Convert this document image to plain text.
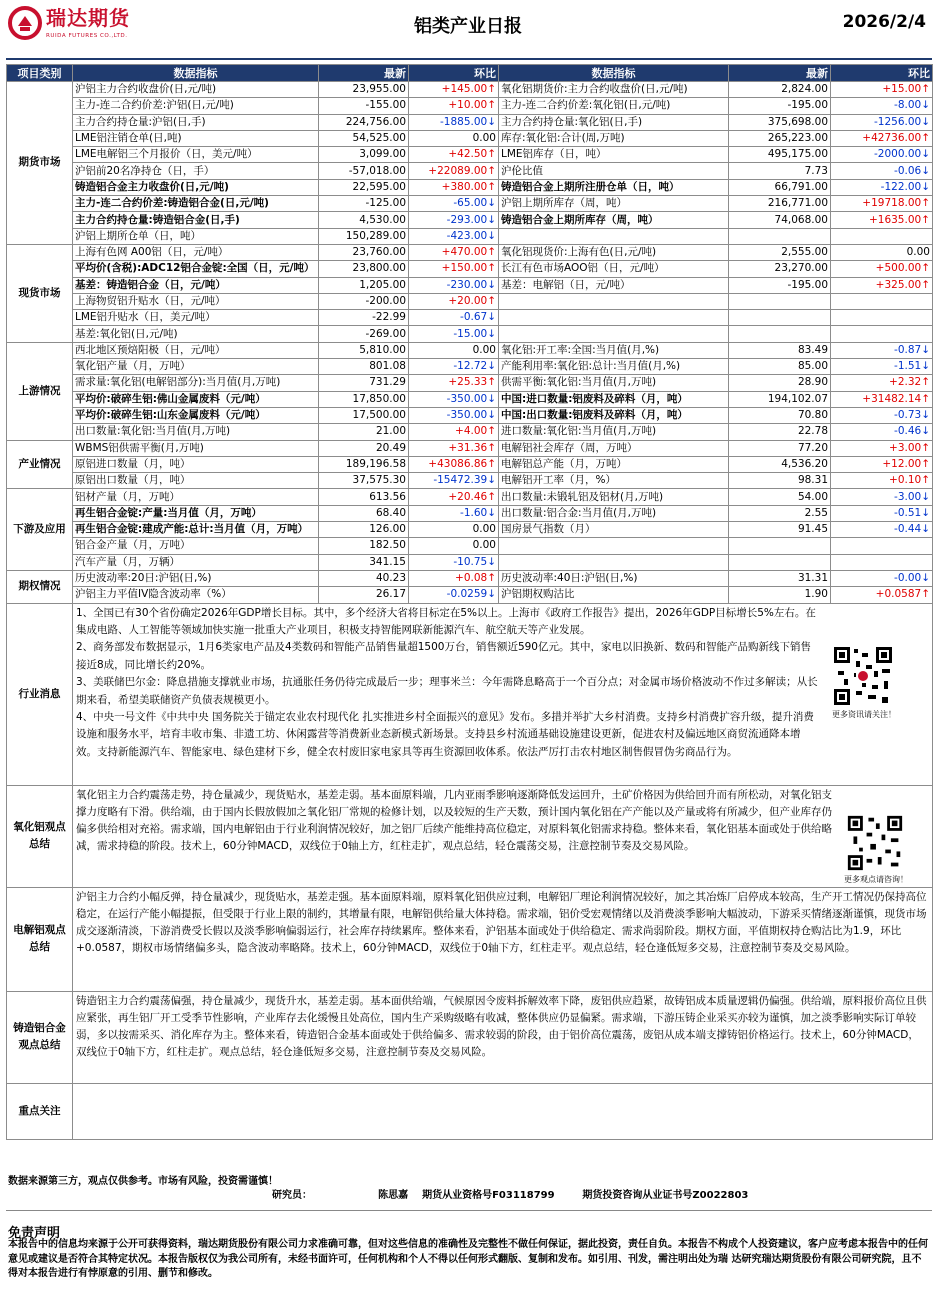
瑞达期货
RUIDA FUTURES CO.,LTD.	铝类产业日报	2026/2/4
项目类别	数据指标	最新	环比	数据指标	最新	环比
期货市场	沪铝主力合约收盘价(日,元/吨)	23,955.00	+145.00↑	氧化铝期货价:主力合约收盘价(日,元/吨)	2,824.00	+15.00↑
	主力-连二合约价差:沪铝(日,元/吨)	-155.00	+10.00↑	主力-连二合约价差:氧化铝(日,元/吨)	-195.00	-8.00↓
	主力合约持仓量:沪铝(日,手)	224,756.00	-1885.00↓	主力合约持仓量:氧化铝(日,手)	375,698.00	-1256.00↓
	LME铝注销仓单(日,吨)	54,525.00	0.00	库存:氧化铝:合计(周,万吨)	265,223.00	+42736.00↑
	LME电解铝三个月报价（日，美元/吨）	3,099.00	+42.50↑	LME铝库存（日，吨）	495,175.00	-2000.00↓
	沪铝前20名净持仓（日，手）	-57,018.00	+22089.00↑	沪伦比值	7.73	-0.06↓
	铸造铝合金主力收盘价(日,元/吨)	22,595.00	+380.00↑	铸造铝合金上期所注册仓单（日，吨）	66,791.00	-122.00↓
	主力-连二合约价差:铸造铝合金(日,元/吨)	-125.00	-65.00↓	沪铝上期所库存（周，吨）	216,771.00	+19718.00↑
	主力合约持仓量:铸造铝合金(日,手)	4,530.00	-293.00↓	铸造铝合金上期所库存（周，吨）	74,068.00	+1635.00↑
	沪铝上期所仓单（日，吨）	150,289.00	-423.00↓			
现货市场	上海有色网 A00铝（日，元/吨）	23,760.00	+470.00↑	氧化铝现货价:上海有色(日,元/吨)	2,555.00	0.00
	平均价(含税):ADC12铝合金锭:全国（日，元/吨）	23,800.00	+150.00↑	长江有色市场AOO铝（日，元/吨）	23,270.00	+500.00↑
	基差：铸造铝合金（日，元/吨）	1,205.00	-230.00↓	基差：电解铝（日，元/吨）	-195.00	+325.00↑
	上海物贸铝升贴水（日，元/吨）	-200.00	+20.00↑			
	LME铝升贴水（日，美元/吨）	-22.99	-0.67↓			
	基差:氧化铝(日,元/吨)	-269.00	-15.00↓			
上游情况	西北地区预焙阳极（日，元/吨）	5,810.00	0.00	氧化铝:开工率:全国:当月值(月,%)	83.49	-0.87↓
	氧化铝产量（月，万吨）	801.08	-12.72↓	产能利用率:氧化铝:总计:当月值(月,%)	85.00	-1.51↓
	需求量:氧化铝(电解铝部分):当月值(月,万吨)	731.29	+25.33↑	供需平衡:氧化铝:当月值(月,万吨)	28.90	+2.32↑
	平均价:破碎生铝:佛山金属废料（元/吨）	17,850.00	-350.00↓	中国:进口数量:铝废料及碎料（月，吨）	194,102.07	+31482.14↑
	平均价:破碎生铝:山东金属废料（元/吨）	17,500.00	-350.00↓	中国:出口数量:铝废料及碎料（月，吨）	70.80	-0.73↓
	出口数量:氧化铝:当月值(月,万吨)	21.00	+4.00↑	进口数量:氧化铝:当月值(月,万吨)	22.78	-0.46↓
产业情况	WBMS铝供需平衡(月,万吨)	20.49	+31.36↑	电解铝社会库存（周，万吨）	77.20	+3.00↑
	原铝进口数量（月，吨）	189,196.58	+43086.86↑	电解铝总产能（月，万吨）	4,536.20	+12.00↑
	原铝出口数量（月，吨）	37,575.30	-15472.39↓	电解铝开工率（月，%）	98.31	+0.10↑
下游及应用	铝材产量（月，万吨）	613.56	+20.46↑	出口数量:未锻轧铝及铝材(月,万吨)	54.00	-3.00↓
	再生铝合金锭:产量:当月值（月，万吨）	68.40	-1.60↓	出口数量:铝合金:当月值(月,万吨)	2.55	-0.51↓
	再生铝合金锭:建成产能:总计:当月值（月，万吨）	126.00	0.00	国房景气指数（月）	91.45	-0.44↓
	铝合金产量（月，万吨）	182.50	0.00			
	汽车产量（月，万辆）	341.15	-10.75↓			
期权情况	历史波动率:20日:沪铝(日,%)	40.23	+0.08↑	历史波动率:40日:沪铝(日,%)	31.31	-0.00↓
	沪铝主力平值IV隐含波动率（%）	26.17	-0.0259↓	沪铝期权购沽比	1.90	+0.0587↑
行业消息	1、全国已有30个省份确定2026年GDP增长目标。其中，多个经济大省将目标定在5%以上。上海市《政府工作报告》提出，2026年GDP目标增长5%左右。在集成电路、人工智能等领域加快实施一批重大产业项目，积极支持智能网联新能源汽车、航空航天等产业发展。
2、商务部发布数据显示，1月6类家电产品及4类数码和智能产品销售量超1500万台，销售额近590亿元。其中，家电以旧换新、数码和智能产品购新线下销售接近8成，同比增长约20%。
3、美联储巴尔金：降息措施支撑就业市场，抗通胀任务仍待完成最后一步；理事米兰：今年需降息略高于一个百分点；对金属市场价格波动不作过多解读；从长期来看，希望美联储资产负债表规模更小。
4、中央一号文件《中共中央 国务院关于锚定农业农村现代化 扎实推进乡村全面振兴的意见》发布。多措并举扩大乡村消费。支持乡村消费扩容升级，提升消费设施和服务水平，培育丰收市集、非遗工坊、休闲露营等消费新业态新模式新场景。支持县乡村流通基础设施建设更新，促进农村及偏远地区商贸流通降本增效。支持新能源汽车、智能家电、绿色建材下乡，健全农村废旧家电家具等再生资源回收体系。依法严厉打击农村地区制售假冒伪劣商品行为。					
氧化铝观点总结	氧化铝主力合约震荡走势，持仓量减少，现货贴水，基差走弱。基本面原料端，几内亚雨季影响逐渐降低发运回升，土矿价格因为供给回升而有所松动，对氧化铝支撑力度略有下滑。供给端，由于国内长假放假加之氧化铝厂常规的检修计划，以及较短的生产天数，预计国内氧化铝在产产能以及产量或将有所减少，但产业库存仍偏多供给相对充裕。需求端，国内电解铝由于行业利润情况较好，加之铝厂后续产能维持高位稳定，对原料氧化铝需求持稳。整体来看，氧化铝基本面或处于供给略减，需求持稳的阶段。技术上，60分钟MACD，双线位于0轴上方，红柱走扩，观点总结，轻仓震荡交易，注意控制节奏及交易风险。					
电解铝观点总结	沪铝主力合约小幅反弹，持仓量减少，现货贴水，基差走强。基本面原料端，原料氧化铝供应过剩，电解铝厂理论利润情况较好，加之其冶炼厂启停成本较高，生产开工情况仍保持高位稳定，在运行产能小幅提振，但受限于行业上限的制约，其增量有限，电解铝供给量大体持稳。需求端，铝价受宏观情绪以及消费淡季影响大幅波动，下游采买情绪逐渐谨慎，现货市场成交逐渐清淡，下游消费受长假以及淡季影响偏弱运行，社会库存持续累库。整体来看，沪铝基本面或处于供给稳定、需求尚弱阶段。期权方面，平值期权持仓购沽比为1.9，环比+0.0587，期权市场情绪偏多头，隐含波动率略降。技术上，60分钟MACD，双线位于0轴下方，红柱走平。观点总结，轻仓逢低短多交易，注意控制节奏及交易风险。					
铸造铝合金观点总结	铸造铝主力合约震荡偏强，持仓量减少，现货升水，基差走弱。基本面供给端，气候原因令废料拆解效率下降，废铝供应趋紧，故铸铝成本质量逻辑仍偏强。供给端，原料报价高位且供应紧张，再生铝厂开工受季节性影响，产业库存去化缓慢且处高位，国内生产采购级略有收减，整体供应仍显偏紧。需求端，下游压铸企业采买亦较为谨慎，加之淡季影响实际订单较弱，多以按需采买、消化库存为主。整体来看，铸造铝合金基本面或处于供给偏多、需求较弱的阶段，由于铝价高位震荡，废铝从成本端支撑铸铝价格运行。技术上，60分钟MACD，双线位于0轴下方，红柱走扩。观点总结，轻仓逢低短多交易，注意控制节奏及交易风险。					
重点关注						
更多资讯请关注！
更多观点请咨询！
数据来源第三方，观点仅供参考。市场有风险，投资需谨慎！
研究员：                   陈思嘉    期货从业资格号F03118799        期货投资咨询从业证书号Z0022803
免责声明
本报告中的信息均来源于公开可获得资料，瑞达期货股份有限公司力求准确可靠，但对这些信息的准确性及完整性不做任何保证，据此投资，责任自负。本报告不构成个人投资建议，客户应考虑本报告中的任何意见或建议是否符合其特定状况。本报告版权仅为我公司所有，未经书面许可，任何机构和个人不得以任何形式翻版、复制和发布。如引用、刊发，需注明出处为瑞 达研究瑞达期货股份有限公司研究院，且不得对本报告进行有悖原意的引用、删节和修改。
